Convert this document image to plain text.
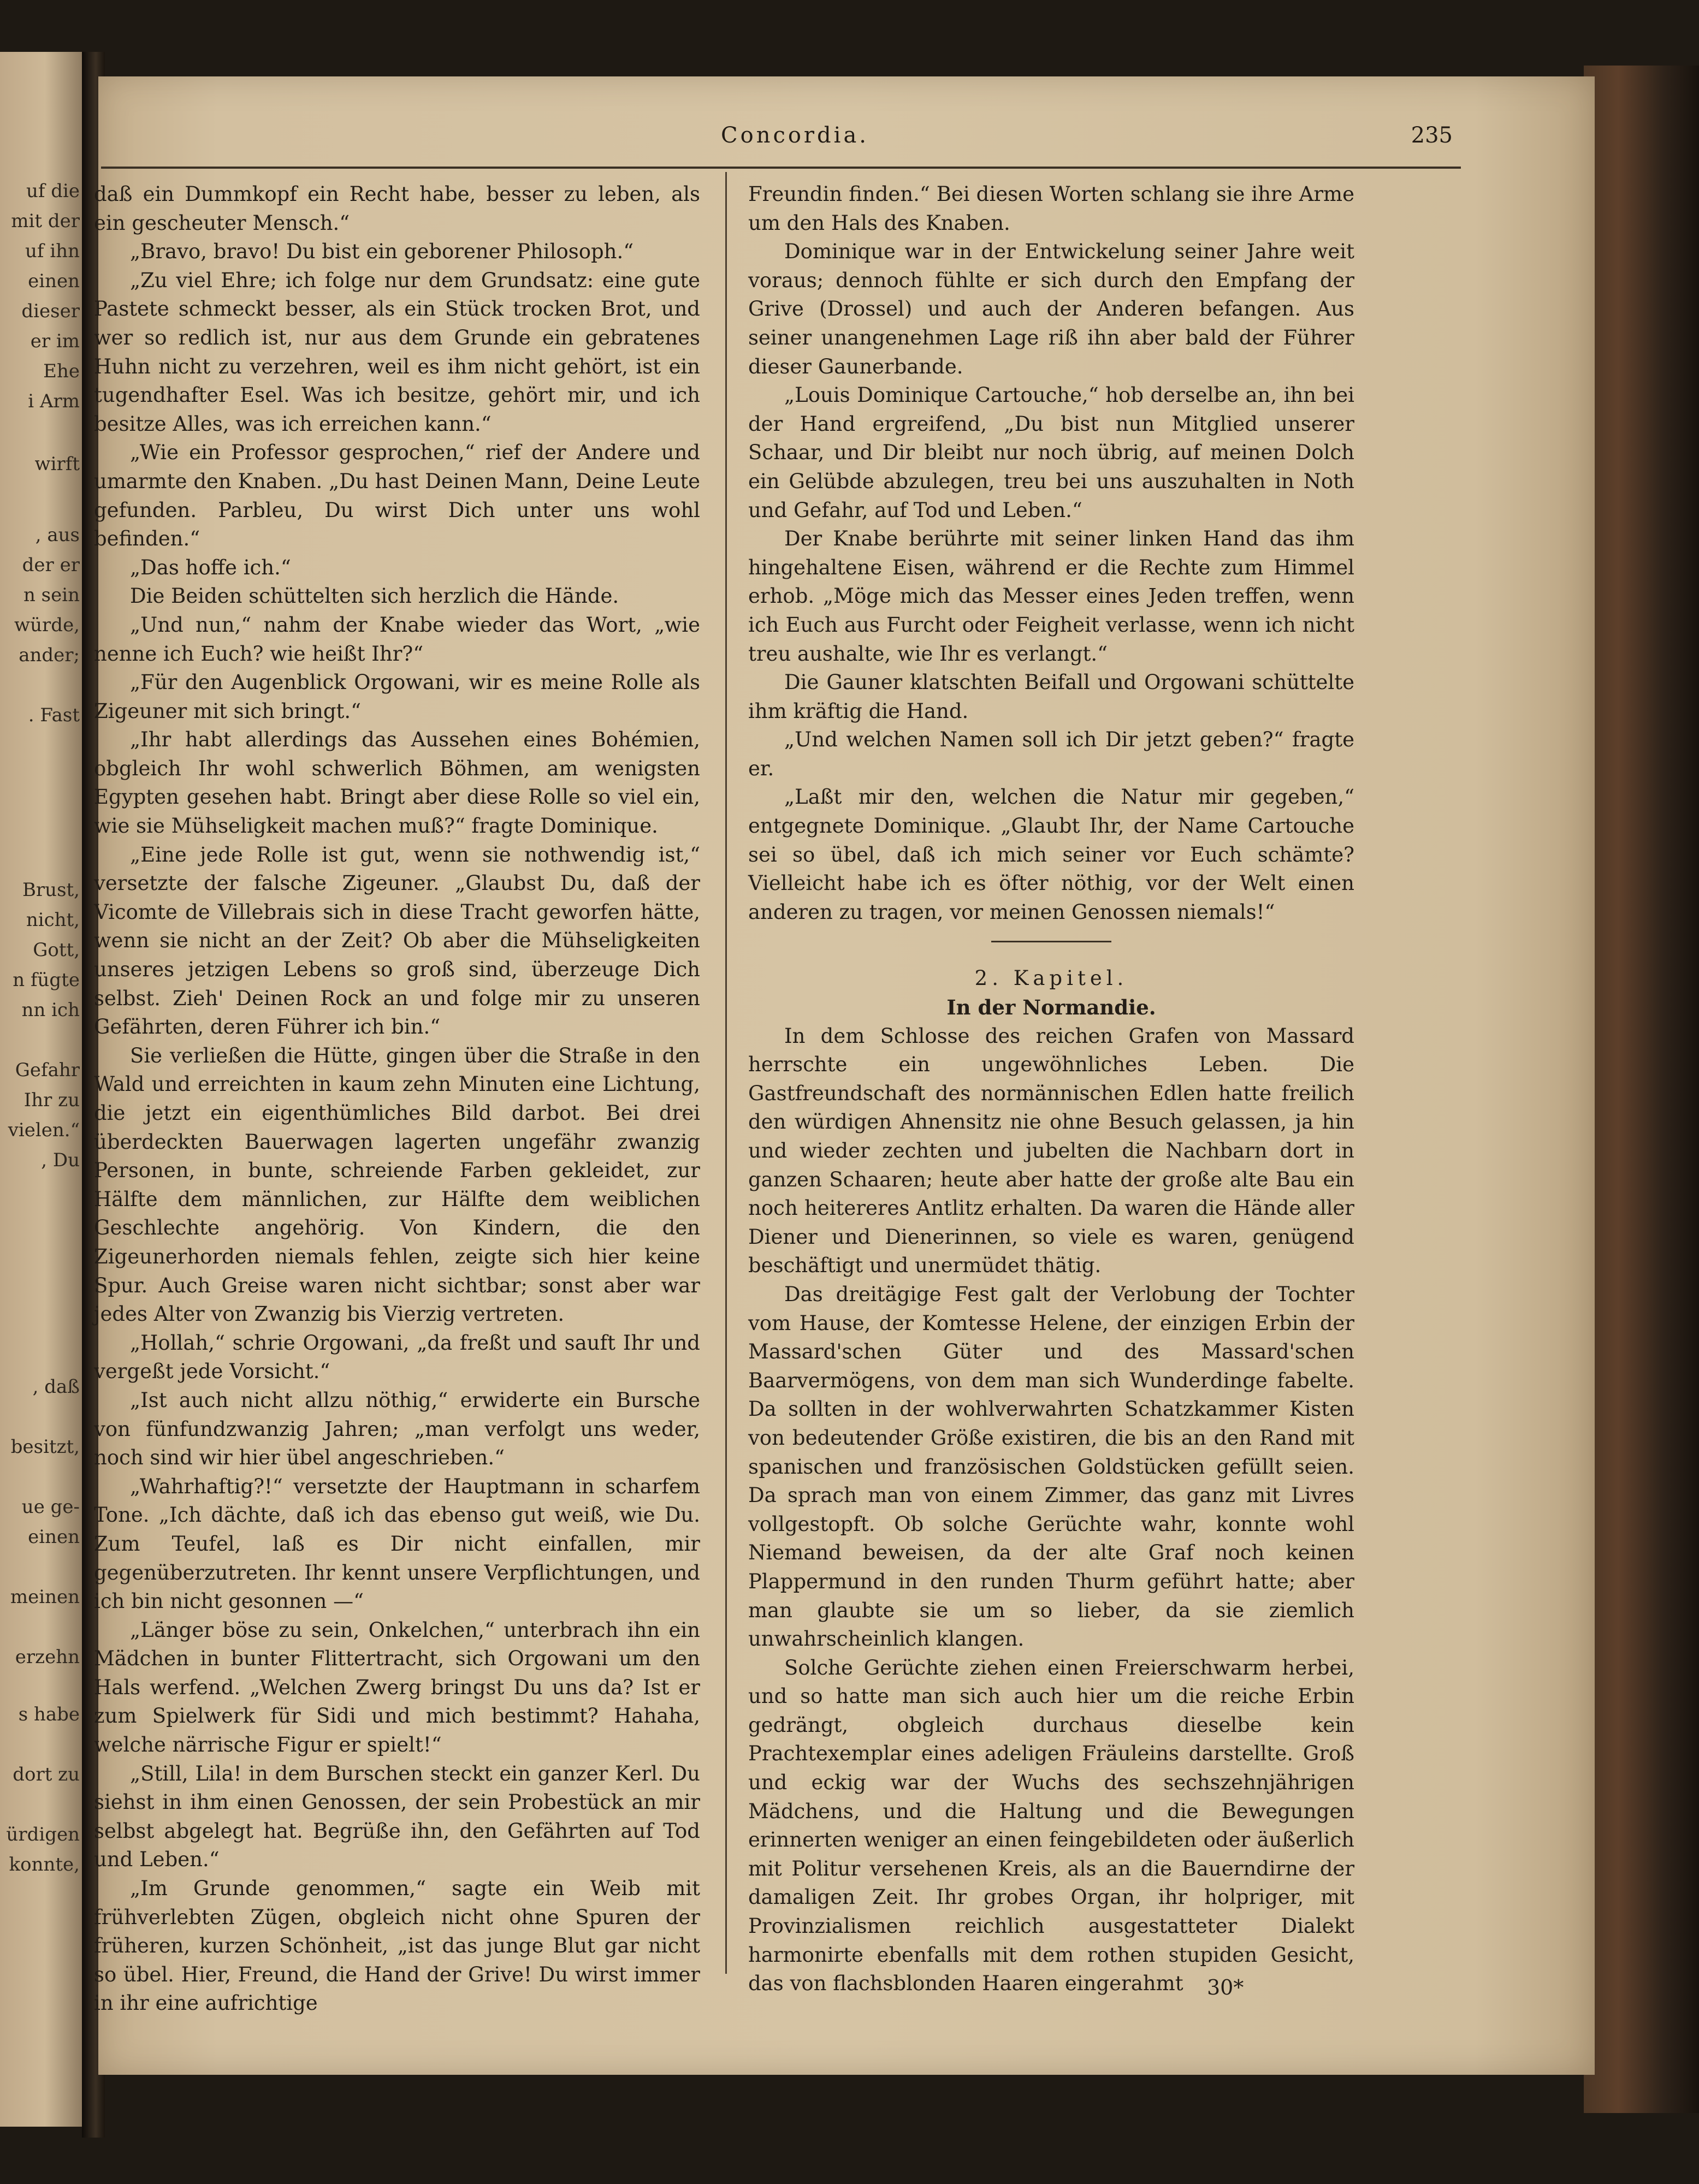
uf die
mit der
uf ihn
einen
dieser
er im
Ehe
i Arm
wirft
, aus
der er
n sein
würde,
ander;
. Fast
Brust,
nicht,
Gott,
n fügte
nn ich
Gefahr
Ihr zu
vielen.“
, Du
, daß
besitzt,
ue ge-
einen
meinen
erzehn
s habe
dort zu
ürdigen
konnte,
Concordia.	235

daß ein Dummkopf ein Recht habe, besser zu leben, als ein gescheuter Mensch.“

„Bravo, bravo! Du bist ein geborener Philosoph.“

„Zu viel Ehre; ich folge nur dem Grundsatz: eine gute Pastete schmeckt besser, als ein Stück trocken Brot, und wer so redlich ist, nur aus dem Grunde ein gebratenes Huhn nicht zu verzehren, weil es ihm nicht gehört, ist ein tugendhafter Esel. Was ich besitze, gehört mir, und ich besitze Alles, was ich erreichen kann.“

„Wie ein Professor gesprochen,“ rief der Andere und umarmte den Knaben. „Du hast Deinen Mann, Deine Leute gefunden. Parbleu, Du wirst Dich unter uns wohl befinden.“

„Das hoffe ich.“

Die Beiden schüttelten sich herzlich die Hände.

„Und nun,“ nahm der Knabe wieder das Wort, „wie nenne ich Euch? wie heißt Ihr?“

„Für den Augenblick Orgowani, wir es meine Rolle als Zigeuner mit sich bringt.“

„Ihr habt allerdings das Aussehen eines Bohémien, obgleich Ihr wohl schwerlich Böhmen, am wenigsten Egypten gesehen habt. Bringt aber diese Rolle so viel ein, wie sie Mühseligkeit machen muß?“ fragte Dominique.

„Eine jede Rolle ist gut, wenn sie nothwendig ist,“ versetzte der falsche Zigeuner. „Glaubst Du, daß der Vicomte de Villebrais sich in diese Tracht geworfen hätte, wenn sie nicht an der Zeit? Ob aber die Mühseligkeiten unseres jetzigen Lebens so groß sind, überzeuge Dich selbst. Zieh' Deinen Rock an und folge mir zu unseren Gefährten, deren Führer ich bin.“

Sie verließen die Hütte, gingen über die Straße in den Wald und erreichten in kaum zehn Minuten eine Lichtung, die jetzt ein eigenthümliches Bild darbot. Bei drei überdeckten Bauerwagen lagerten ungefähr zwanzig Personen, in bunte, schreiende Farben gekleidet, zur Hälfte dem männlichen, zur Hälfte dem weiblichen Geschlechte angehörig. Von Kindern, die den Zigeunerhorden niemals fehlen, zeigte sich hier keine Spur. Auch Greise waren nicht sichtbar; sonst aber war jedes Alter von Zwanzig bis Vierzig vertreten.

„Hollah,“ schrie Orgowani, „da freßt und sauft Ihr und vergeßt jede Vorsicht.“

„Ist auch nicht allzu nöthig,“ erwiderte ein Bursche von fünfundzwanzig Jahren; „man verfolgt uns weder, noch sind wir hier übel angeschrieben.“

„Wahrhaftig?!“ versetzte der Hauptmann in scharfem Tone. „Ich dächte, daß ich das ebenso gut weiß, wie Du. Zum Teufel, laß es Dir nicht einfallen, mir gegenüberzutreten. Ihr kennt unsere Verpflichtungen, und ich bin nicht gesonnen —“

„Länger böse zu sein, Onkelchen,“ unterbrach ihn ein Mädchen in bunter Flittertracht, sich Orgowani um den Hals werfend. „Welchen Zwerg bringst Du uns da? Ist er zum Spielwerk für Sidi und mich bestimmt? Hahaha, welche närrische Figur er spielt!“

„Still, Lila! in dem Burschen steckt ein ganzer Kerl. Du siehst in ihm einen Genossen, der sein Probestück an mir selbst abgelegt hat. Begrüße ihn, den Gefährten auf Tod und Leben.“

„Im Grunde genommen,“ sagte ein Weib mit frühverlebten Zügen, obgleich nicht ohne Spuren der früheren, kurzen Schönheit, „ist das junge Blut gar nicht so übel. Hier, Freund, die Hand der Grive! Du wirst immer in ihr eine aufrichtige

Freundin finden.“ Bei diesen Worten schlang sie ihre Arme um den Hals des Knaben.

Dominique war in der Entwickelung seiner Jahre weit voraus; dennoch fühlte er sich durch den Empfang der Grive (Drossel) und auch der Anderen befangen. Aus seiner unangenehmen Lage riß ihn aber bald der Führer dieser Gaunerbande.

„Louis Dominique Cartouche,“ hob derselbe an, ihn bei der Hand ergreifend, „Du bist nun Mitglied unserer Schaar, und Dir bleibt nur noch übrig, auf meinen Dolch ein Gelübde abzulegen, treu bei uns auszuhalten in Noth und Gefahr, auf Tod und Leben.“

Der Knabe berührte mit seiner linken Hand das ihm hingehaltene Eisen, während er die Rechte zum Himmel erhob. „Möge mich das Messer eines Jeden treffen, wenn ich Euch aus Furcht oder Feigheit verlasse, wenn ich nicht treu aushalte, wie Ihr es verlangt.“

Die Gauner klatschten Beifall und Orgowani schüttelte ihm kräftig die Hand.

„Und welchen Namen soll ich Dir jetzt geben?“ fragte er.

„Laßt mir den, welchen die Natur mir gegeben,“ entgegnete Dominique. „Glaubt Ihr, der Name Cartouche sei so übel, daß ich mich seiner vor Euch schämte? Vielleicht habe ich es öfter nöthig, vor der Welt einen anderen zu tragen, vor meinen Genossen niemals!“

2. Kapitel.

In der Normandie.

In dem Schlosse des reichen Grafen von Massard herrschte ein ungewöhnliches Leben. Die Gastfreundschaft des normännischen Edlen hatte freilich den würdigen Ahnensitz nie ohne Besuch gelassen, ja hin und wieder zechten und jubelten die Nachbarn dort in ganzen Schaaren; heute aber hatte der große alte Bau ein noch heitereres Antlitz erhalten. Da waren die Hände aller Diener und Dienerinnen, so viele es waren, genügend beschäftigt und unermüdet thätig.

Das dreitägige Fest galt der Verlobung der Tochter vom Hause, der Komtesse Helene, der einzigen Erbin der Massard'schen Güter und des Massard'schen Baarvermögens, von dem man sich Wunderdinge fabelte. Da sollten in der wohlverwahrten Schatzkammer Kisten von bedeutender Größe existiren, die bis an den Rand mit spanischen und französischen Goldstücken gefüllt seien. Da sprach man von einem Zimmer, das ganz mit Livres vollgestopft. Ob solche Gerüchte wahr, konnte wohl Niemand beweisen, da der alte Graf noch keinen Plappermund in den runden Thurm geführt hatte; aber man glaubte sie um so lieber, da sie ziemlich unwahrscheinlich klangen.

Solche Gerüchte ziehen einen Freierschwarm herbei, und so hatte man sich auch hier um die reiche Erbin gedrängt, obgleich durchaus dieselbe kein Prachtexemplar eines adeligen Fräuleins darstellte. Groß und eckig war der Wuchs des sechszehnjährigen Mädchens, und die Haltung und die Bewegungen erinnerten weniger an einen feingebildeten oder äußerlich mit Politur versehenen Kreis, als an die Bauerndirne der damaligen Zeit. Ihr grobes Organ, ihr holpriger, mit Provinzialismen reichlich ausgestatteter Dialekt harmonirte ebenfalls mit dem rothen stupiden Gesicht, das von flachsblonden Haaren eingerahmt	30*
